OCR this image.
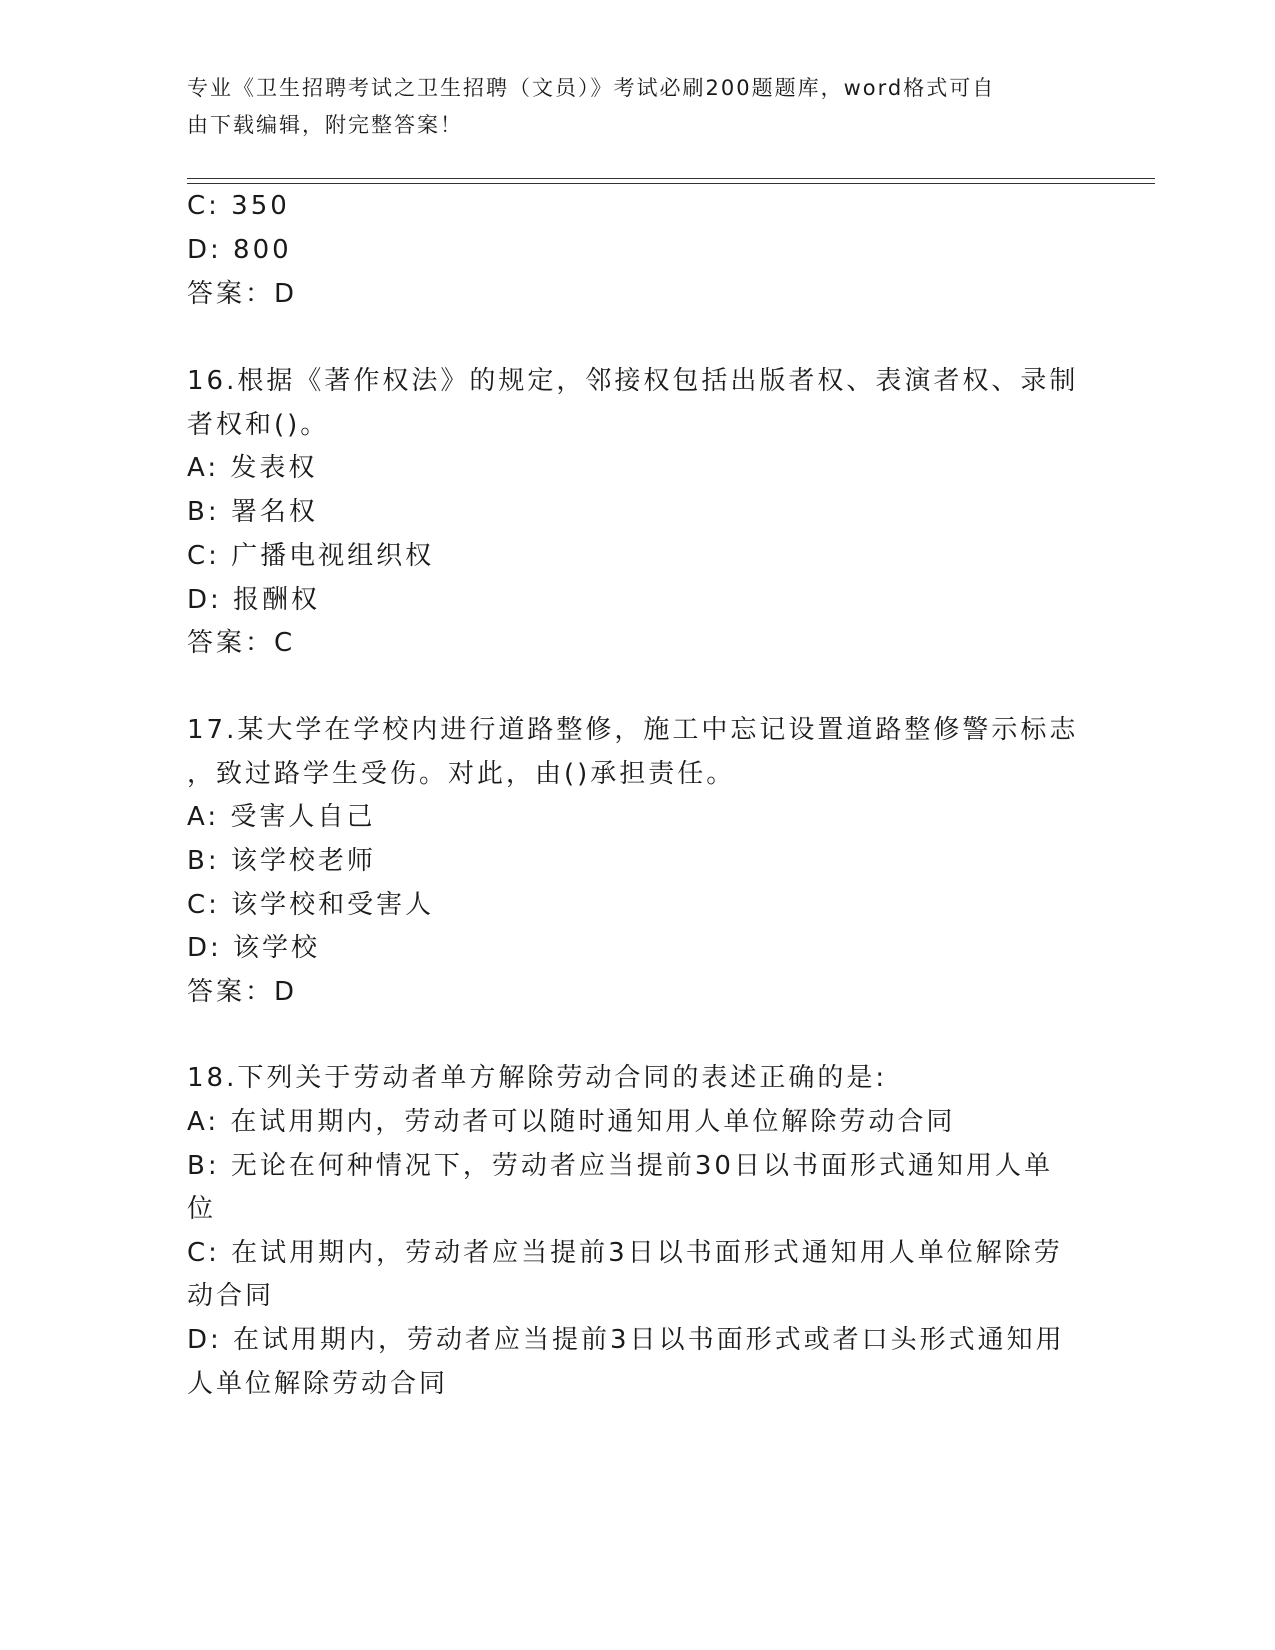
专业《卫生招聘考试之卫生招聘（文员）》考试必刷200题题库，word格式可自
由下载编辑，附完整答案！
C: 350
D: 800
答案：D
16.根据《著作权法》的规定，邻接权包括出版者权、表演者权、录制
者权和()。
A: 发表权
B: 署名权
C: 广播电视组织权
D: 报酬权
答案：C
17.某大学在学校内进行道路整修，施工中忘记设置道路整修警示标志
，致过路学生受伤。对此，由()承担责任。
A: 受害人自己
B: 该学校老师
C: 该学校和受害人
D: 该学校
答案：D
18.下列关于劳动者单方解除劳动合同的表述正确的是:
A: 在试用期内，劳动者可以随时通知用人单位解除劳动合同
B: 无论在何种情况下，劳动者应当提前30日以书面形式通知用人单
位
C: 在试用期内，劳动者应当提前3日以书面形式通知用人单位解除劳
动合同
D: 在试用期内，劳动者应当提前3日以书面形式或者口头形式通知用
人单位解除劳动合同
